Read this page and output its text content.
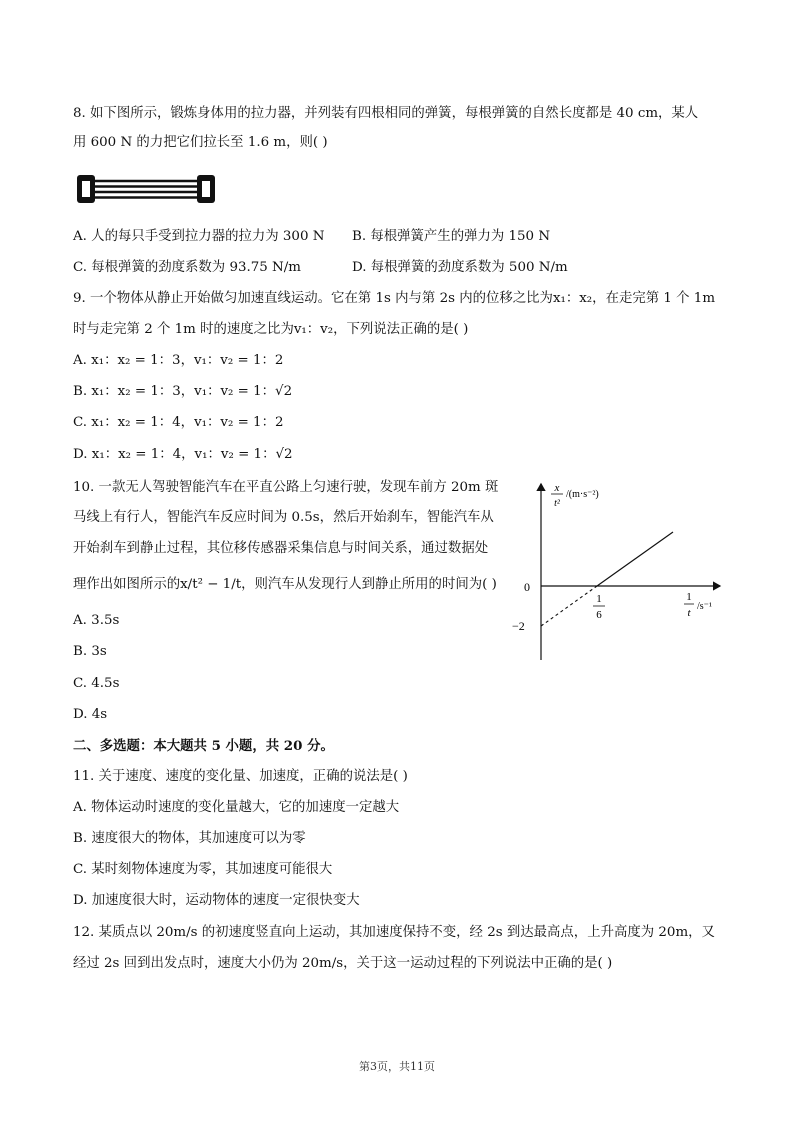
8. 如下图所示，锻炼身体用的拉力器，并列装有四根相同的弹簧，每根弹簧的自然长度都是 40 cm，某人
用 600 N 的力把它们拉长至 1.6 m，则( )
A. 人的每只手受到拉力器的拉力为 300 N B. 每根弹簧产生的弹力为 150 N
C. 每根弹簧的劲度系数为 93.75 N/m	D. 每根弹簧的劲度系数为 500 N/m
9. 一个物体从静止开始做匀加速直线运动。它在第 1s 内与第 2s 内的位移之比为x₁：x₂，在走完第 1 个 1m
时与走完第 2 个 1m 时的速度之比为v₁：v₂，下列说法正确的是( )
A. x₁：x₂ = 1：3，v₁：v₂ = 1：2
B. x₁：x₂ = 1：3，v₁：v₂ = 1：√2
C. x₁：x₂ = 1：4，v₁：v₂ = 1：2
D. x₁：x₂ = 1：4，v₁：v₂ = 1：√2
10. 一款无人驾驶智能汽车在平直公路上匀速行驶，发现车前方 20m 斑
马线上有行人，智能汽车反应时间为 0.5s，然后开始刹车，智能汽车从
开始刹车到静止过程，其位移传感器采集信息与时间关系，通过数据处
理作出如图所示的x/t² − 1/t，则汽车从发现行人到静止所用的时间为( )
A. 3.5s
B. 3s
C. 4.5s
D. 4s
x
t²
/(m·s⁻²)
0
−2
1
6
1
t
/s⁻¹
二、多选题：本大题共 5 小题，共 20 分。
11. 关于速度、速度的变化量、加速度，正确的说法是( )
A. 物体运动时速度的变化量越大，它的加速度一定越大
B. 速度很大的物体，其加速度可以为零
C. 某时刻物体速度为零，其加速度可能很大
D. 加速度很大时，运动物体的速度一定很快变大
12. 某质点以 20m/s 的初速度竖直向上运动，其加速度保持不变，经 2s 到达最高点，上升高度为 20m，又
经过 2s 回到出发点时，速度大小仍为 20m/s，关于这一运动过程的下列说法中正确的是( )
第3页，共11页
